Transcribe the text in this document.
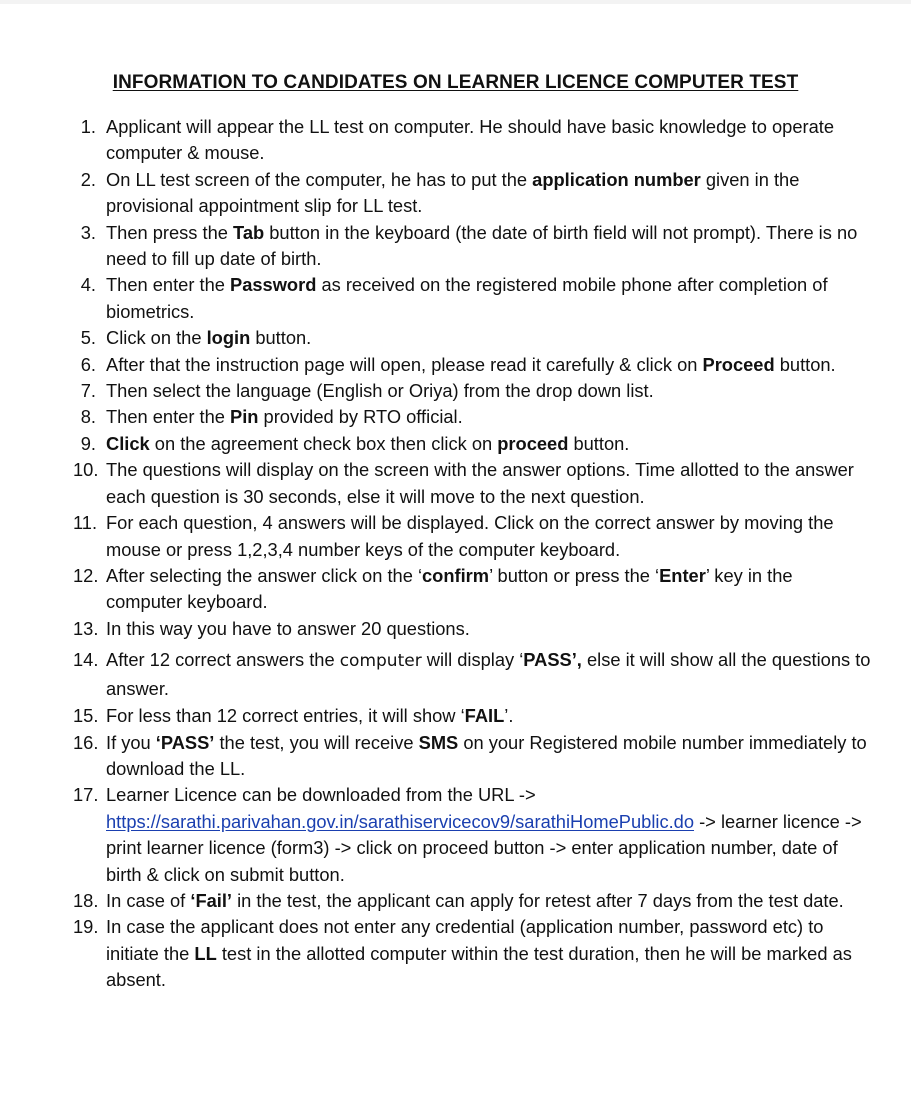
INFORMATION TO CANDIDATES ON LEARNER LICENCE COMPUTER TEST
1. Applicant will appear the LL test on computer. He should have basic knowledge to operate computer & mouse.
2. On LL test screen of the computer, he has to put the application number given in the provisional appointment slip for LL test.
3. Then press the Tab button in the keyboard (the date of birth field will not prompt). There is no need to fill up date of birth.
4. Then enter the Password as received on the registered mobile phone after completion of biometrics.
5. Click on the login button.
6. After that the instruction page will open, please read it carefully & click on Proceed button.
7. Then select the language (English or Oriya) from the drop down list.
8. Then enter the Pin provided by RTO official.
9. Click on the agreement check box then click on proceed button.
10. The questions will display on the screen with the answer options. Time allotted to the answer each question is 30 seconds, else it will move to the next question.
11. For each question, 4 answers will be displayed. Click on the correct answer by moving the mouse or press 1,2,3,4 number keys of the computer keyboard.
12. After selecting the answer click on the ‘confirm’ button or press the ‘Enter’ key in the computer keyboard.
13. In this way you have to answer 20 questions.
14. After 12 correct answers the computer will display ‘PASS’, else it will show all the questions to answer.
15. For less than 12 correct entries, it will show ‘FAIL’.
16. If you ‘PASS’ the test, you will receive SMS on your Registered mobile number immediately to download the LL.
17. Learner Licence can be downloaded from the URL ->
https://sarathi.parivahan.gov.in/sarathiservicecov9/sarathiHomePublic.do -> learner licence -> print learner licence (form3) -> click on proceed button -> enter application number, date of birth & click on submit button.
18. In case of ‘Fail’ in the test, the applicant can apply for retest after 7 days from the test date.
19. In case the applicant does not enter any credential (application number, password etc) to initiate the LL test in the allotted computer within the test duration, then he will be marked as absent.
